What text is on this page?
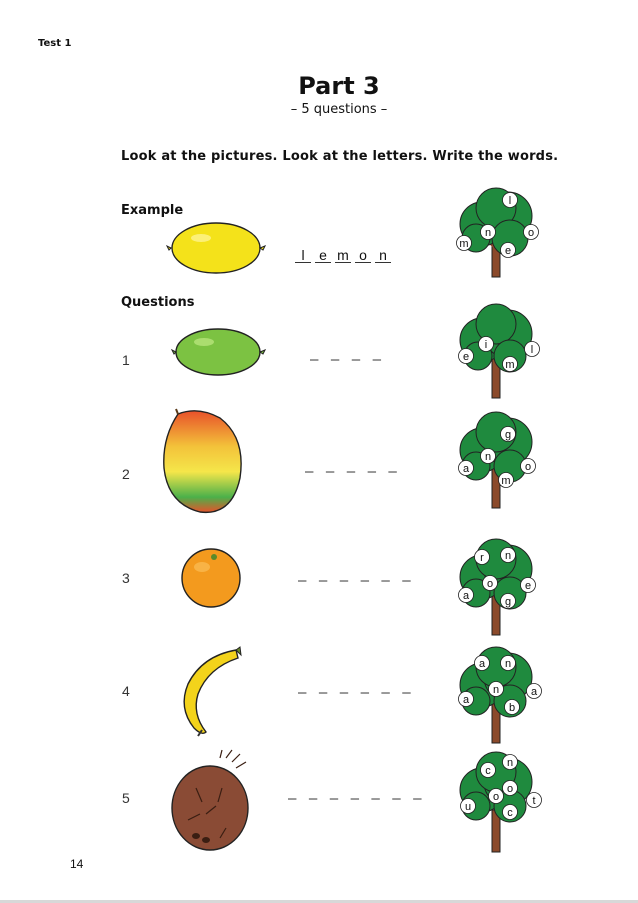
Test 1
Part 3
– 5 questions –
Look at the pictures. Look at the letters. Write the words.
Example
l e m o n
l
n	o
m
e
Questions
1	– – – –
i
e
m
l
2	– – – – –
g
n
a	o
m
3	– – – – – –
r n
o
a
e
g
4	– – – – – –
a n
n
a
b
a
5	– – – – – – –
c
n
o
o
u	t
c
14
